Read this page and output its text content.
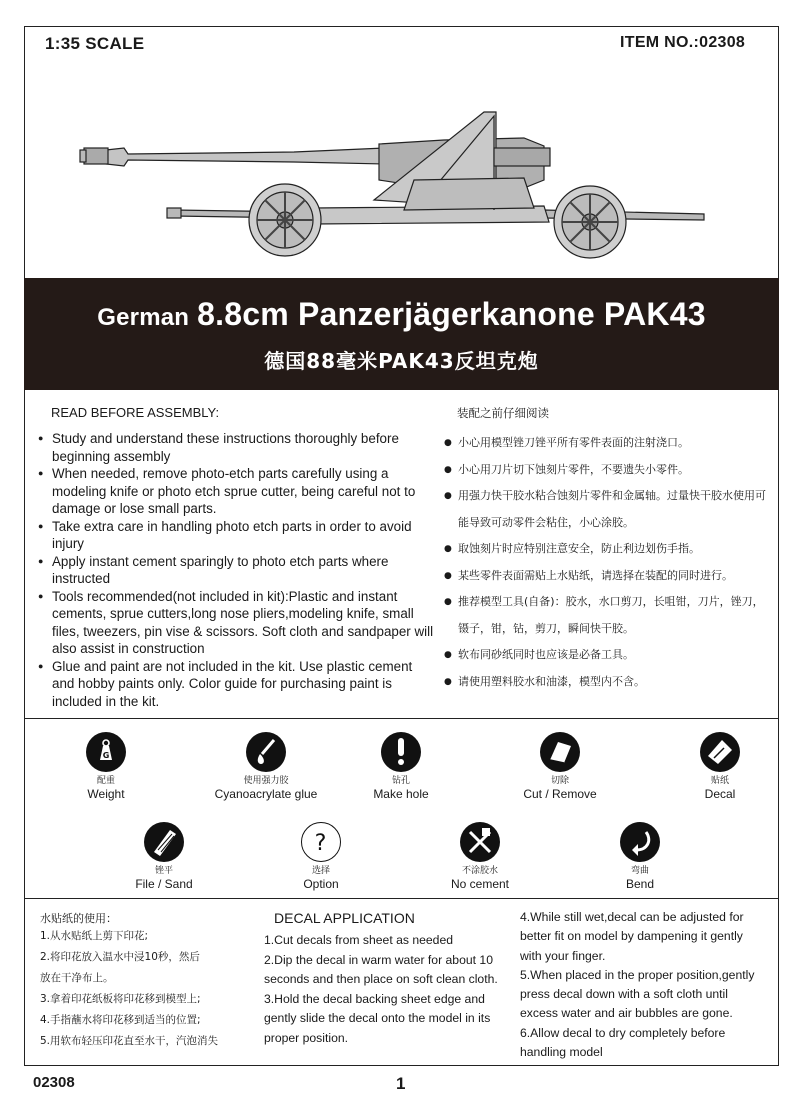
1:35 SCALE	ITEM NO.:02308
German 8.8cm Panzerjägerkanone PAK43
德国88毫米PAK43反坦克炮
READ BEFORE ASSEMBLY:
● Study and understand these instructions thoroughly before beginning assembly
● When needed, remove photo-etch parts carefully using a modeling knife or photo etch sprue cutter, being careful not to damage or lose small parts.
● Take extra care in handling photo etch parts in order to avoid injury
● Apply instant cement sparingly to photo etch parts where instructed
● Tools recommended(not included in kit):Plastic and instant cements, sprue cutters,long nose pliers,modeling knife, small files, tweezers, pin vise & scissors. Soft cloth and sandpaper will also assist in construction
● Glue and paint are not included in the kit. Use plastic cement and hobby paints only. Color guide for purchasing paint is included in the kit.
装配之前仔细阅读
● 小心用模型锉刀锉平所有零件表面的注射浇口。
● 小心用刀片切下蚀刻片零件，不要遗失小零件。
● 用强力快干胶水粘合蚀刻片零件和金属轴。过量快干胶水使用可能导致可动零件会粘住，小心涂胶。
● 取蚀刻片时应特别注意安全，防止利边划伤手指。
● 某些零件表面需贴上水贴纸，请选择在装配的同时进行。
● 推荐模型工具(自备)：胶水，水口剪刀，长咀钳，刀片，锉刀，镊子，钳，钻，剪刀，瞬间快干胶。
● 软布同砂纸同时也应该是必备工具。
● 请使用塑料胶水和油漆，模型内不含。
G
配重
Weight
使用强力胶
Cyanoacrylate glue
钻孔
Make hole
切除
Cut / Remove
贴纸
Decal
锉平
File / Sand
?
选择
Option
不涂胶水
No cement
弯曲
Bend
水贴纸的使用：
1.从水贴纸上剪下印花;
2.将印花放入温水中浸10秒，然后
放在干净布上。
3.拿着印花纸板将印花移到模型上;
4.手指蘸水将印花移到适当的位置;
5.用软布轻压印花直至水干，汽泡消失
DECAL APPLICATION
1.Cut decals from sheet as needed
2.Dip the decal in warm water for about 10
seconds and then place on soft clean cloth.
3.Hold the decal backing sheet edge and
gently slide the decal onto the model in its
proper position.
4.While still wet,decal can be adjusted for
better fit on model by dampening it gently
with your finger.
5.When placed in the proper position,gently
press decal down with a soft cloth until
excess water and air bubbles are gone.
6.Allow decal to dry completely before
handling model
02308	1
